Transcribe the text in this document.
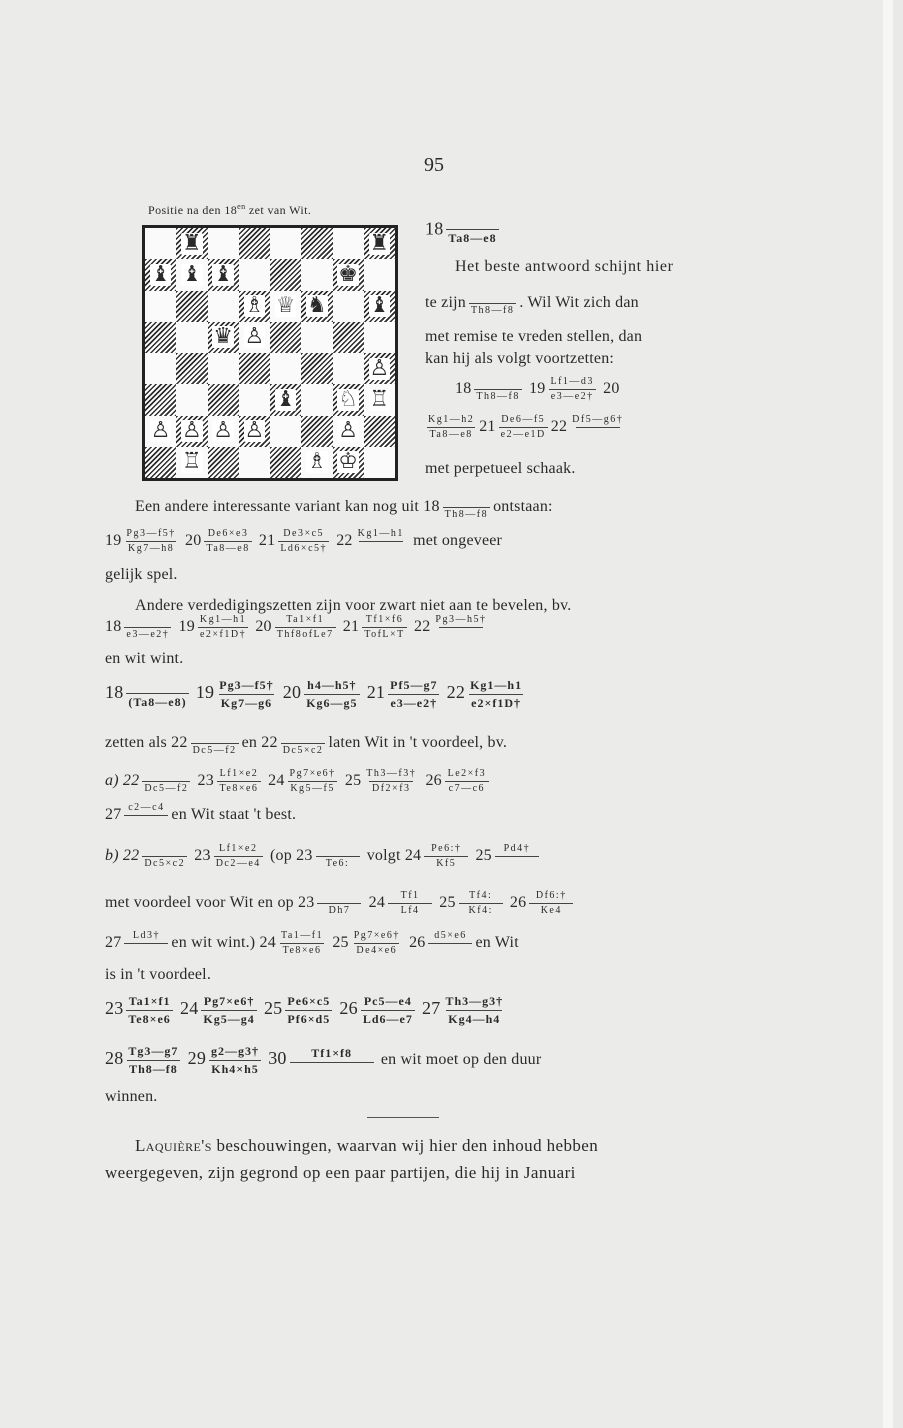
95
Positie na den $18^{en}$ zet van Wit.
♜	♜
♝ ♝ ♝	♚
♗ ♕ ♞ ♝
♛ ♙
♙
♝ ♘ ♖
♙ ♙ ♙ ♙	♙
♖	♗ ♔
18 Ta8—e8
Het beste antwoord schijnt hier
te zijn Th8—f8 . Wil Wit zich dan
met remise te vreden stellen, dan
kan hij als volgt voortzetten:
18 Th8—f8 $19 \frac{Lf1—d3}{e3—e2\dagger} 20$
$\frac{Kg1—h2}{Ta8—e8} 21 \frac{De6—f5}{e2—e1D} 22$ Df5—g6†
met perpetueel schaak.
Een andere interessante variant kan nog uit 18 Th8—f8 ontstaan:
$19 \frac{Pg3—f5\dagger}{Kg7—h8} 20 \frac{De6\times e3}{Ta8—e8} 21 \frac{De3\times c5}{Ld6\times c5\dagger} 22$ Kg1—h1 met ongeveer
gelijk spel.
Andere verdedigingszetten zijn voor zwart niet aan te bevelen, bv.
18 e3—e2† $19 \frac{Kg1—h1}{e2\times f1D\dagger} 20 \frac{Ta1\times f1}{\text{Thf8ofLe7}} 21 \frac{Tf1\times f6}{\text{TofL×T}} 22$ Pg3—h5†
en wit wint.
18 (Ta8—e8) $19 \frac{Pg3—f5\dagger}{Kg7—g6} 20 \frac{h4—h5\dagger}{Kg6—g5} 21 \frac{Pf5—g7}{e3—e2\dagger} 22 \frac{Kg1—h1}{e2\times f1D\dagger}$
zetten als 22 Dc5—f2 en 22 Dc5×c2 laten Wit in 't voordeel, bv.
a) 22 Dc5—f2 $23 \frac{Lf1\times e2}{Te8\times e6} 24 \frac{Pg7\times e6\dagger}{Kg5—f5} 25 \frac{Th3—f3\dagger}{Df2\times f3} 26 \frac{Le2\times f3}{c7—c6}$
27 c2—c4 en Wit staat 't best.
b) 22 Dc5×c2 $23 \frac{Lf1\times e2}{Dc2—e4} (op$ 23	Te6:	volgt $24 \frac{Pe6:\dagger}{Kf5} 25$ Pd4†
met voordeel voor Wit en op 23	Dh7	$24 \frac{Tf1}{Lf4} 25 \frac{Tf4:}{Kf4:} 26 \frac{Df6:\dagger}{Ke4}$
27 Ld3† en wit wint.) $24 \frac{Ta1—f1}{Te8\times e6} 25 \frac{Pg7\times e6\dagger}{De4\times e6} 26$ d5×e6 en Wit
is in 't voordeel.
$23 \frac{Ta1\times f1}{Te8\times e6} 24 \frac{Pg7\times e6\dagger}{Kg5—g4} 25 \frac{Pe6\times c5}{Pf6\times d5} 26 \frac{Pc5—e4}{Ld6—e7} 27 \frac{Th3—g3\dagger}{Kg4—h4}$
$28 \frac{Tg3—g7}{Th8—f8} 29 \frac{g2—g3\dagger}{Kh4\times h5} 30$ Tf1×f8 en wit moet op den duur
winnen.
Laquière's beschouwingen, waarvan wij hier den inhoud hebben
weergegeven, zijn gegrond op een paar partijen, die hij in Januari
